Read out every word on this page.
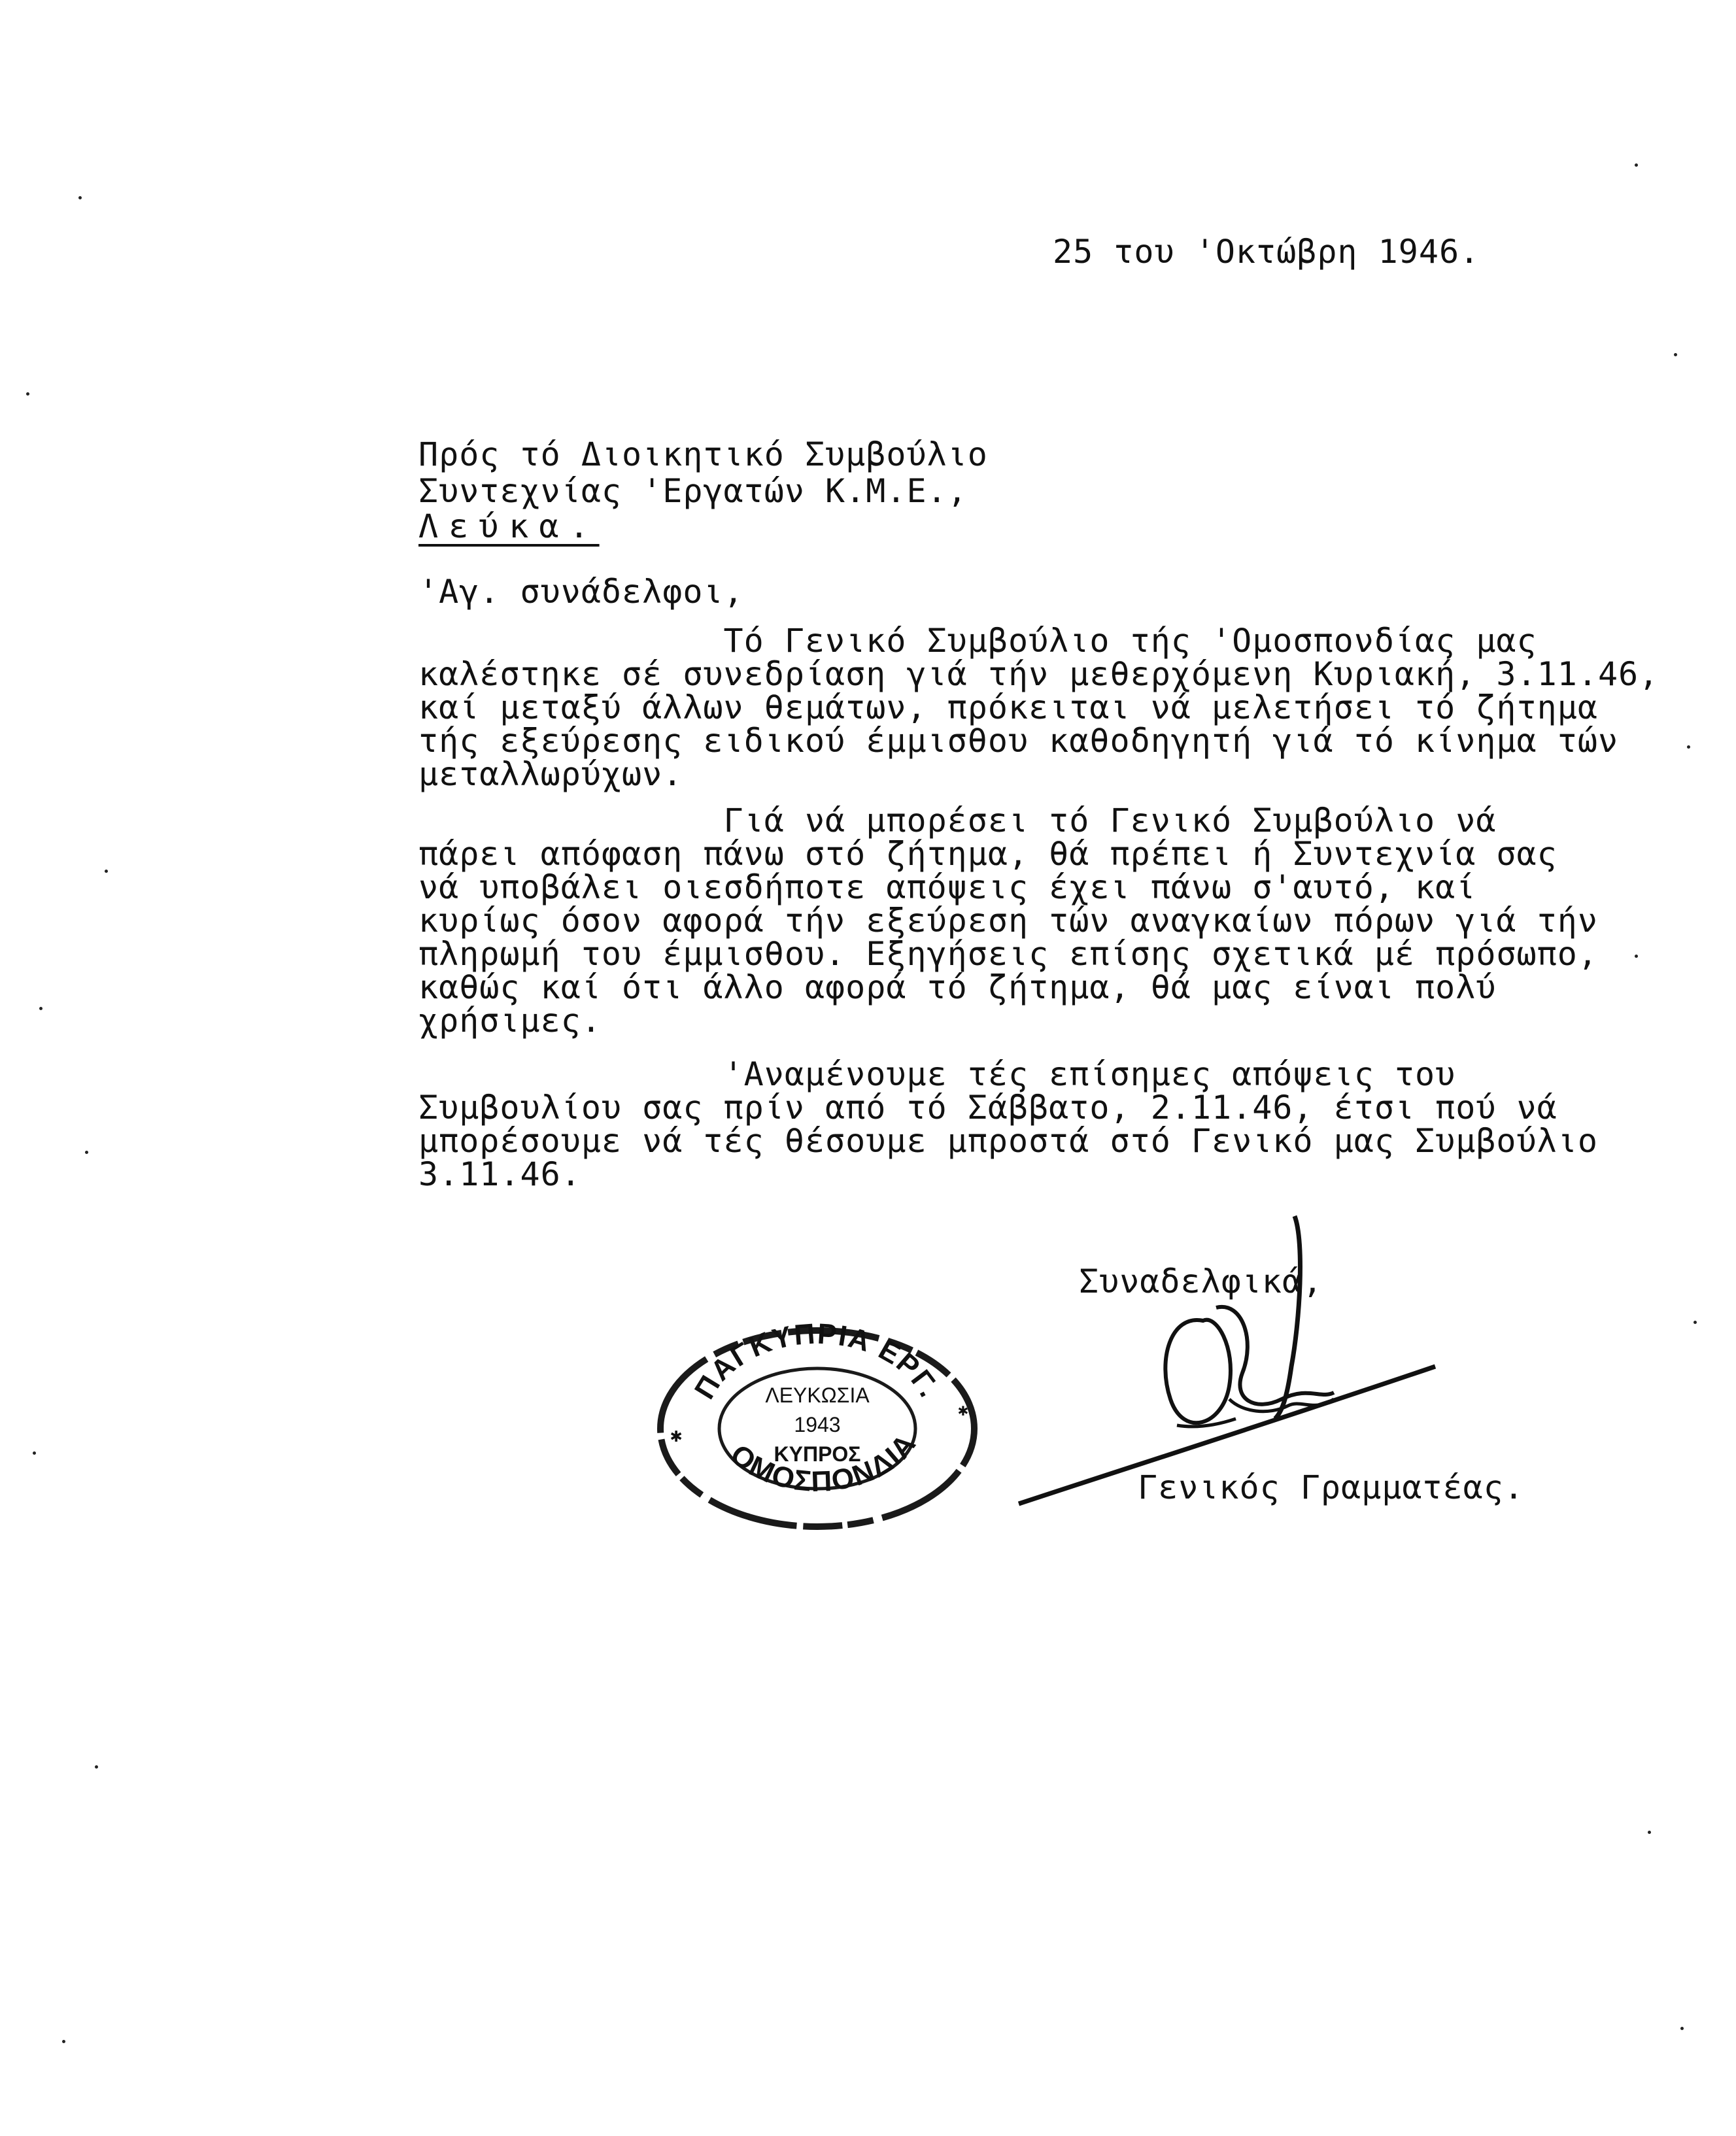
25 του 'Οκτώβρη 1946.
Πρός τό Διοικητικό Συμβούλιο
Συντεχνίας 'Εργατών Κ.Μ.Ε.,
Λεύκα.
'Αγ. συνάδελφοι,
Τό Γενικό Συμβούλιο τής 'Ομοσπονδίας μας
καλέστηκε σέ συνεδρίαση γιά τήν μεθερχόμενη Κυριακή, 3.11.46,
καί μεταξύ άλλων θεμάτων, πρόκειται νά μελετήσει τό ζήτημα
τής εξεύρεσης ειδικού έμμισθου καθοδηγητή γιά τό κίνημα τών
μεταλλωρύχων.
Γιά νά μπορέσει τό Γενικό Συμβούλιο νά
πάρει απόφαση πάνω στό ζήτημα, θά πρέπει ή Συντεχνία σας
νά υποβάλει οιεσδήποτε απόψεις έχει πάνω σ'αυτό, καί
κυρίως όσον αφορά τήν εξεύρεση τών αναγκαίων πόρων γιά τήν
πληρωμή του έμμισθου. Εξηγήσεις επίσης σχετικά μέ πρόσωπο,
καθώς καί ότι άλλο αφορά τό ζήτημα, θά μας είναι πολύ
χρήσιμες.
'Αναμένουμε τές επίσημες απόψεις του
Συμβουλίου σας πρίν από τό Σάββατο, 2.11.46, έτσι πού νά
μπορέσουμε νά τές θέσουμε μπροστά στό Γενικό μας Συμβούλιο
3.11.46.
Συναδελφικά,
ΠΑΓΚΥΠΡΙΑ ΕΡΓ.
ΟΜΟΣΠΟΝΔΙΑ
ΛΕΥΚΩΣΙΑ
1943
ΚΥΠΡΟΣ
✱
✱
Γενικός Γραμματέας.
